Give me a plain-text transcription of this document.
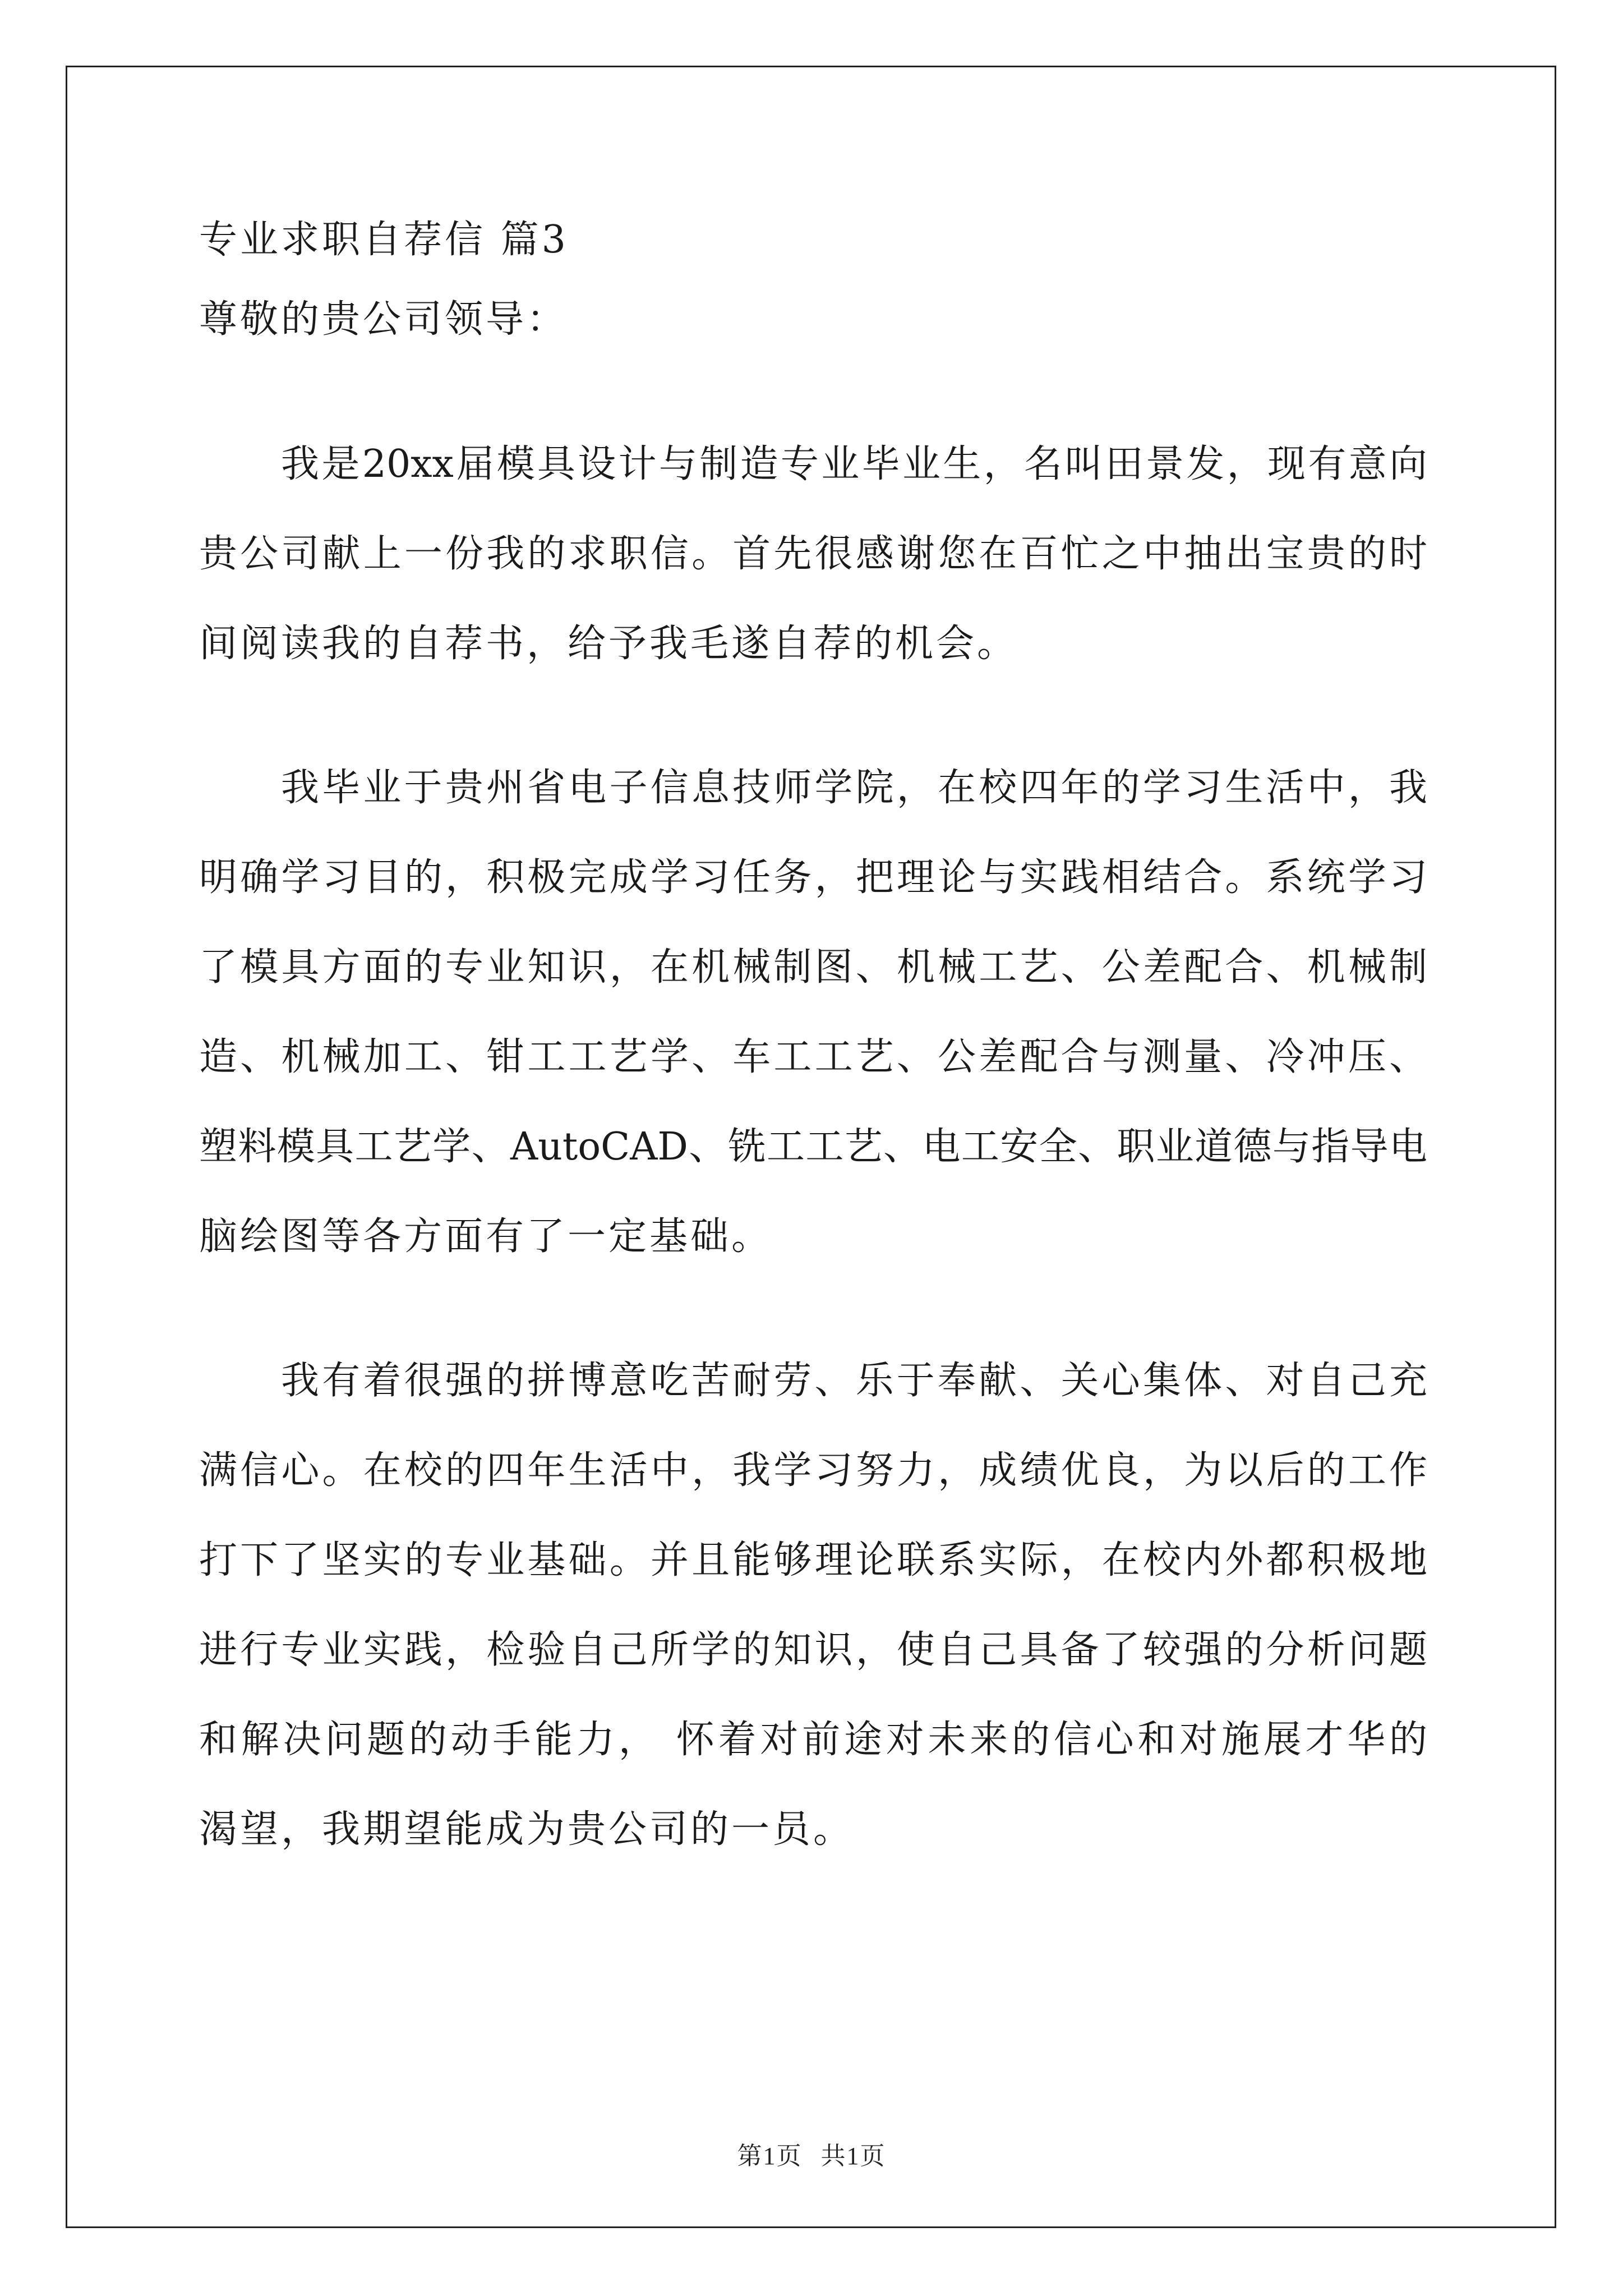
专业求职自荐信 篇3
尊敬的贵公司领导：
我是20xx届模具设计与制造专业毕业生，名叫田景发，现有意向
贵公司献上一份我的求职信。首先很感谢您在百忙之中抽出宝贵的时
间阅读我的自荐书，给予我毛遂自荐的机会。
我毕业于贵州省电子信息技师学院，在校四年的学习生活中，我
明确学习目的，积极完成学习任务，把理论与实践相结合。系统学习
了模具方面的专业知识，在机械制图、机械工艺、公差配合、机械制
造、机械加工、钳工工艺学、车工工艺、公差配合与测量、冷冲压、
塑料模具工艺学、AutoCAD、铣工工艺、电工安全、职业道德与指导电
脑绘图等各方面有了一定基础。
我有着很强的拼博意吃苦耐劳、乐于奉献、关心集体、对自己充
满信心。在校的四年生活中，我学习努力，成绩优良，为以后的工作
打下了坚实的专业基础。并且能够理论联系实际，在校内外都积极地
进行专业实践，检验自己所学的知识，使自己具备了较强的分析问题
和解决问题的动手能力， 怀着对前途对未来的信心和对施展才华的
渴望，我期望能成为贵公司的一员。
第1页 共1页
